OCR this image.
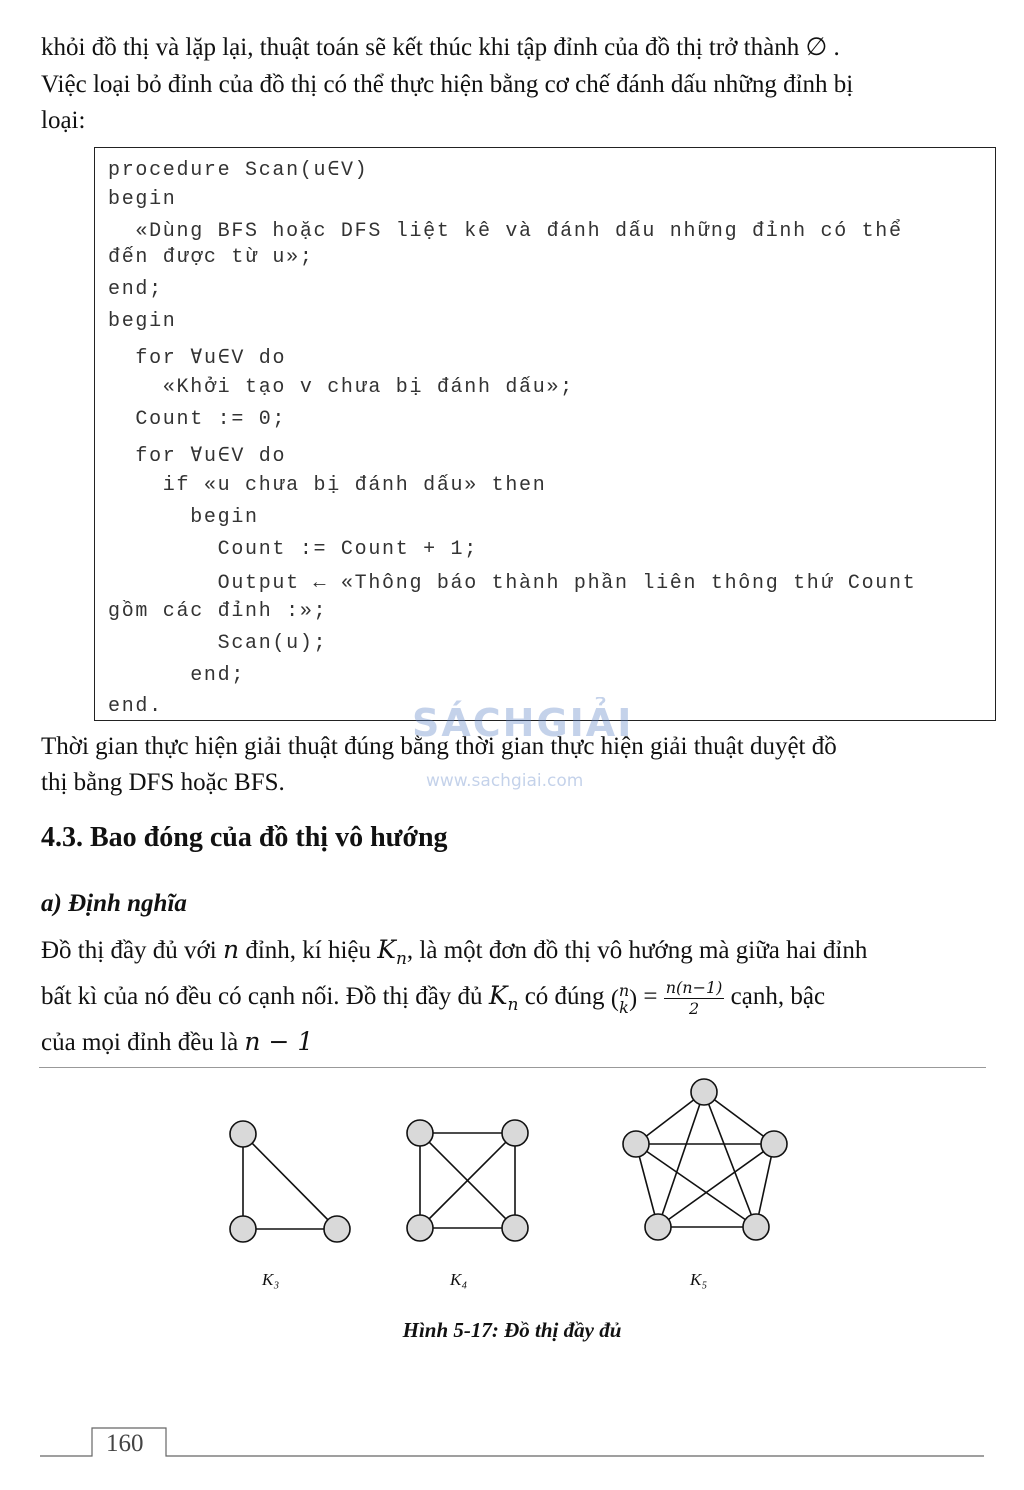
khỏi đồ thị và lặp lại, thuật toán sẽ kết thúc khi tập đỉnh của đồ thị trở thành ∅ .

Việc loại bỏ đỉnh của đồ thị có thể thực hiện bằng cơ chế đánh dấu những đỉnh bị

loại:

procedure Scan(u∈V)
begin
«Dùng BFS hoặc DFS liệt kê và đánh dấu những đỉnh có thể
đến được từ u»;
end;
begin
for ∀u∈V do
«Khởi tạo v chưa bị đánh dấu»;
Count := 0;
for ∀u∈V do
if «u chưa bị đánh dấu» then
begin
Count := Count + 1;
Output ← «Thông báo thành phần liên thông thứ Count
gồm các đỉnh :»;
Scan(u);
end;
end.	SÁCHGIẢI
www.sachgiai.com

Thời gian thực hiện giải thuật đúng bằng thời gian thực hiện giải thuật duyệt đồ

thị bằng DFS hoặc BFS.

4.3. Bao đóng của đồ thị vô hướng
a) Định nghĩa

Đồ thị đầy đủ với n đỉnh, kí hiệu $K_n$, là một đơn đồ thị vô hướng mà giữa hai đỉnh

bất kì của nó đều có cạnh nối. Đồ thị đầy đủ $K_n$ có đúng ( n
k ) = $\frac{n(n-1)}{2}$ cạnh, bậc

của mọi đỉnh đều là n − 1

K₃	K₄	K₅
Hình 5-17: Đồ thị đầy đủ
160
